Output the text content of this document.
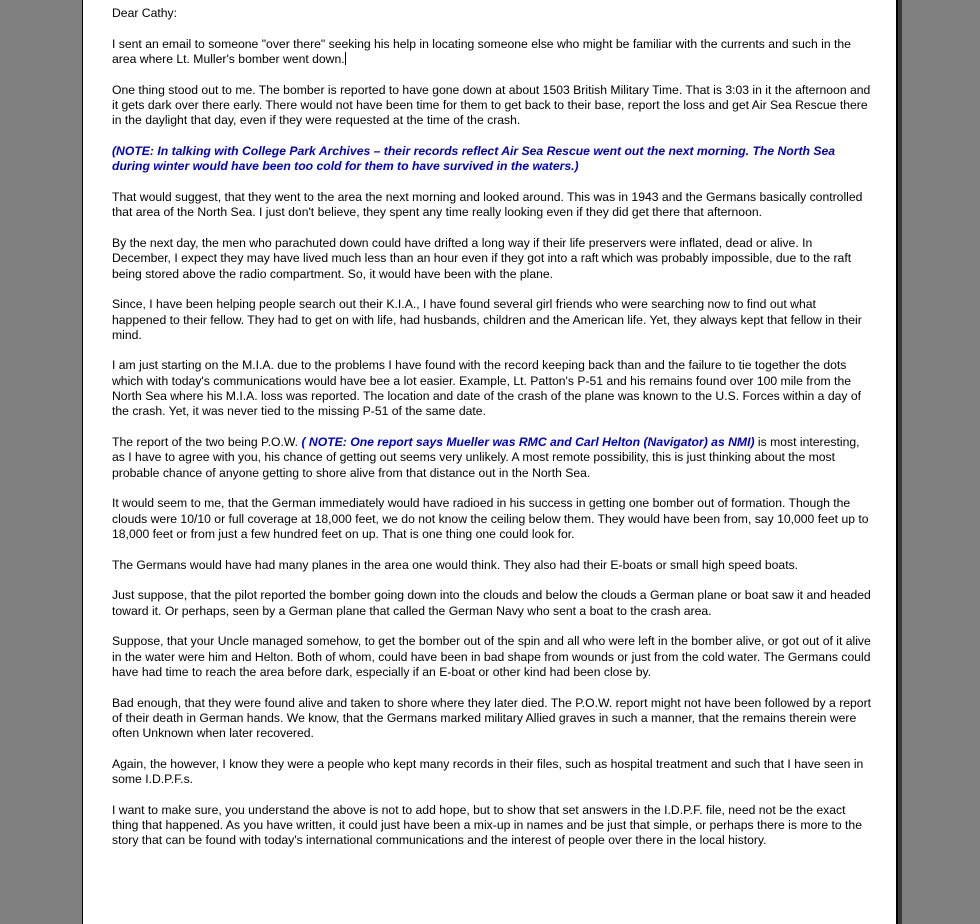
Dear Cathy:

I sent an email to someone "over there" seeking his help in locating someone else who might be familiar with the currents and such in the area where Lt. Muller's bomber went down.

One thing stood out to me. The bomber is reported to have gone down at about 1503 British Military Time. That is 3:03 in it the afternoon and it gets dark over there early. There would not have been time for them to get back to their base, report the loss and get Air Sea Rescue there in the daylight that day, even if they were requested at the time of the crash.

(NOTE: In talking with College Park Archives – their records reflect Air Sea Rescue went out the next morning. The North Sea during winter would have been too cold for them to have survived in the waters.)

That would suggest, that they went to the area the next morning and looked around. This was in 1943 and the Germans basically controlled that area of the North Sea. I just don't believe, they spent any time really looking even if they did get there that afternoon.

By the next day, the men who parachuted down could have drifted a long way if their life preservers were inflated, dead or alive. In December, I expect they may have lived much less than an hour even if they got into a raft which was probably impossible, due to the raft being stored above the radio compartment. So, it would have been with the plane.

Since, I have been helping people search out their K.I.A., I have found several girl friends who were searching now to find out what happened to their fellow. They had to get on with life, had husbands, children and the American life. Yet, they always kept that fellow in their mind.

I am just starting on the M.I.A. due to the problems I have found with the record keeping back than and the failure to tie together the dots which with today's communications would have bee a lot easier. Example, Lt. Patton's P-51 and his remains found over 100 mile from the North Sea where his M.I.A. loss was reported. The location and date of the crash of the plane was known to the U.S. Forces within a day of the crash. Yet, it was never tied to the missing P-51 of the same date.

The report of the two being P.O.W. ( NOTE: One report says Mueller was RMC and Carl Helton (Navigator) as NMI) is most interesting, as I have to agree with you, his chance of getting out seems very unlikely. A most remote possibility, this is just thinking about the most probable chance of anyone getting to shore alive from that distance out in the North Sea.

It would seem to me, that the German immediately would have radioed in his success in getting one bomber out of formation. Though the clouds were 10/10 or full coverage at 18,000 feet, we do not know the ceiling below them. They would have been from, say 10,000 feet up to 18,000 feet or from just a few hundred feet on up. That is one thing one could look for.

The Germans would have had many planes in the area one would think. They also had their E-boats or small high speed boats.

Just suppose, that the pilot reported the bomber going down into the clouds and below the clouds a German plane or boat saw it and headed toward it. Or perhaps, seen by a German plane that called the German Navy who sent a boat to the crash area.

Suppose, that your Uncle managed somehow, to get the bomber out of the spin and all who were left in the bomber alive, or got out of it alive in the water were him and Helton. Both of whom, could have been in bad shape from wounds or just from the cold water. The Germans could have had time to reach the area before dark, especially if an E-boat or other kind had been close by.

Bad enough, that they were found alive and taken to shore where they later died. The P.O.W. report might not have been followed by a report of their death in German hands. We know, that the Germans marked military Allied graves in such a manner, that the remains therein were often Unknown when later recovered.

Again, the however, I know they were a people who kept many records in their files, such as hospital treatment and such that I have seen in some I.D.P.F.s.

I want to make sure, you understand the above is not to add hope, but to show that set answers in the I.D.P.F. file, need not be the exact thing that happened. As you have written, it could just have been a mix-up in names and be just that simple, or perhaps there is more to the story that can be found with today's international communications and the interest of people over there in the local history.
